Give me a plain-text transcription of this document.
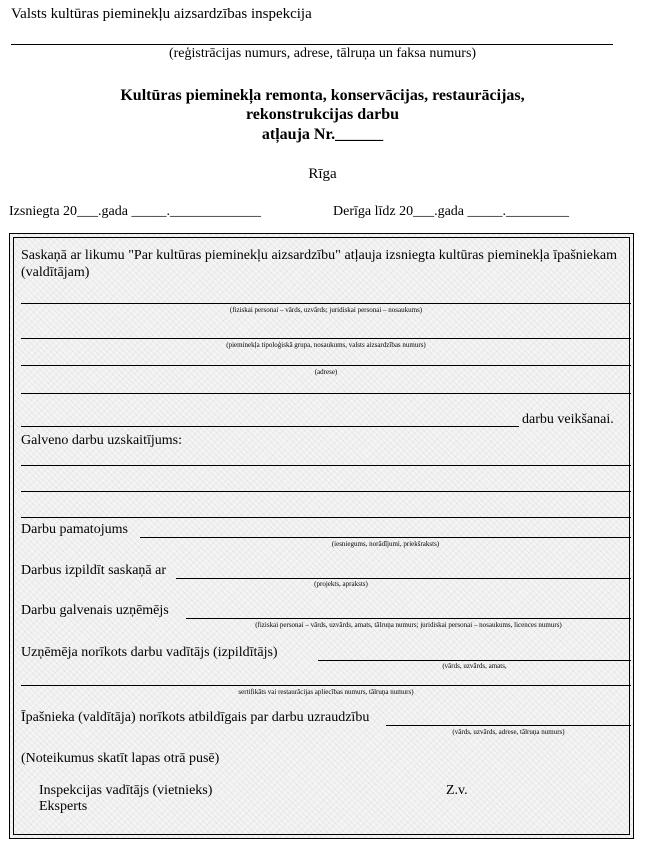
Valsts kultūras pieminekļu aizsardzības inspekcija
(reģistrācijas numurs, adrese, tālruņa un faksa numurs)
Kultūras pieminekļa remonta, konservācijas, restaurācijas,
rekonstrukcijas darbu
atļauja Nr.______
Rīga
Izsniegta 20___.gada _____._____________	Derīga līdz 20___.gada _____._________
Saskaņā ar likumu "Par kultūras pieminekļu aizsardzību" atļauja izsniegta kultūras pieminekļa īpašniekam (valdītājam)
(fiziskai personai – vārds, uzvārds; juridiskai personai – nosaukums)
(pieminekļa tipoloģiskā grupa, nosaukums, valsts aizsardzības numurs)
(adrese)
darbu veikšanai.
Galveno darbu uzskaitījums:
Darbu pamatojums
(iesniegums, norādījumi, priekšraksts)
Darbus izpildīt saskaņā ar
(projekts, apraksts)
Darbu galvenais uzņēmējs
(fiziskai personai – vārds, uzvārds, amats, tālruņa numurs; juridiskai personai – nosaukums, licences numurs)
Uzņēmēja norīkots darbu vadītājs (izpildītājs)
(vārds, uzvārds, amats,
sertifikāts vai restaurācijas apliecības numurs, tālruņa numurs)
Īpašnieka (valdītāja) norīkots atbildīgais par darbu uzraudzību
(vārds, uzvārds, adrese, tālruņa numurs)
(Noteikumus skatīt lapas otrā pusē)
Inspekcijas vadītājs (vietnieks)	Z.v.
Eksperts
